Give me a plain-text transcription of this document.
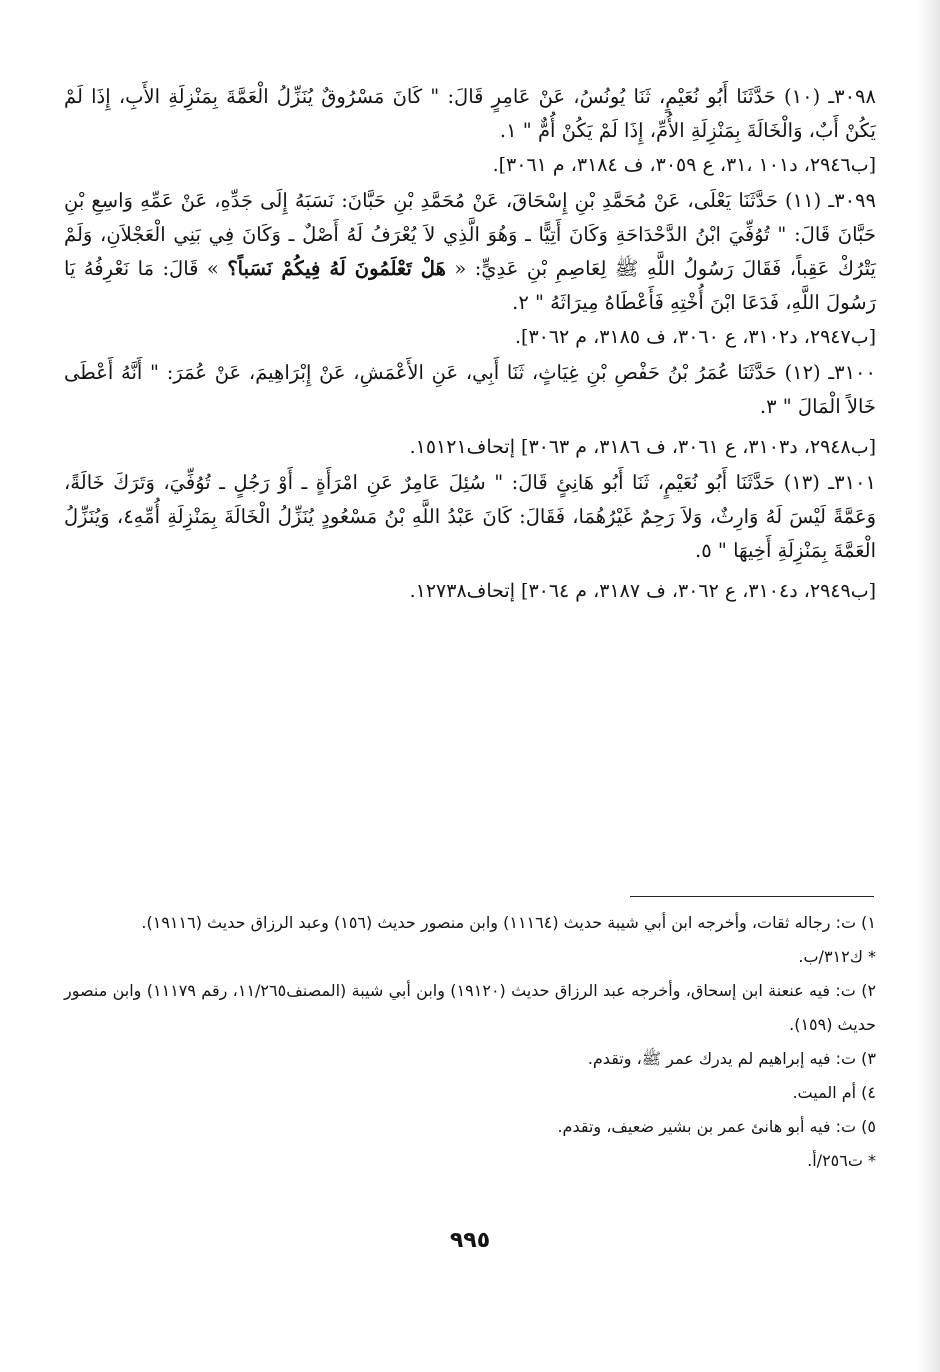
٣٠٩٨ـ (١٠) حَدَّثَنَا أَبُو نُعَيْمٍ، ثَنَا يُونُسُ، عَنْ عَامِرٍ قَالَ: " كَانَ مَسْرُوقٌ يُنَزِّلُ الْعَمَّةَ بِمَنْزِلَةِ الأَبِ، إِذَا لَمْ يَكُنْ أَبٌ، وَالْخَالَةَ بِمَنْزِلَةِ الأُمِّ، إِذَا لَمْ يَكُنْ أُمٌّ " ١.

[ب٢٩٤٦، د١٠١ ،٣١، ع ٣٠٥٩، ف ٣١٨٤، م ٣٠٦١].

٣٠٩٩ـ (١١) حَدَّثَنَا يَعْلَى، عَنْ مُحَمَّدِ بْنِ إِسْحَاقَ، عَنْ مُحَمَّدِ بْنِ حَبَّانَ: نَسَبَهُ إِلَى جَدِّهِ، عَنْ عَمِّهِ وَاسِعِ بْنِ حَبَّانَ قَالَ: " تُوُفِّيَ ابْنُ الدَّحْدَاحَةِ وَكَانَ أَتِيًّا ـ وَهُوَ الَّذِي لاَ يُعْرَفُ لَهُ أَصْلٌ ـ وَكَانَ فِي بَنِي الْعَجْلاَنِ، وَلَمْ يَتْرُكْ عَقِباً، فَقَالَ رَسُولُ اللَّهِ ﷺ لِعَاصِمِ بْنِ عَدِيٍّ: « هَلْ تَعْلَمُونَ لَهُ فِيكُمْ نَسَباً؟ » قَالَ: مَا نَعْرِفُهُ يَا رَسُولَ اللَّهِ، فَدَعَا ابْنَ أُخْتِهِ فَأَعْطَاهُ مِيرَاثَهُ " ٢.

[ب٢٩٤٧، د٣١٠٢، ع ٣٠٦٠، ف ٣١٨٥، م ٣٠٦٢].

٣١٠٠ـ (١٢) حَدَّثَنَا عُمَرُ بْنُ حَفْصِ بْنِ غِيَاثٍ، ثَنَا أَبِي، عَنِ الأَعْمَشِ، عَنْ إِبْرَاهِيمَ، عَنْ عُمَرَ: " أَنَّهُ أَعْطَى خَالاً الْمَالَ " ٣.

[ب٢٩٤٨، د٣١٠٣، ع ٣٠٦١، ف ٣١٨٦، م ٣٠٦٣] إتحاف١٥١٢١.

٣١٠١ـ (١٣) حَدَّثَنَا أَبُو نُعَيْمٍ، ثَنَا أَبُو هَانِئٍ قَالَ: " سُئِلَ عَامِرٌ عَنِ امْرَأَةٍ ـ أَوْ رَجُلٍ ـ تُوُفِّيَ، وَتَرَكَ خَالَةً، وَعَمَّةً لَيْسَ لَهُ وَارِثٌ، وَلاَ رَحِمٌ غَيْرُهُمَا، فَقَالَ: كَانَ عَبْدُ اللَّهِ بْنُ مَسْعُودٍ يُنَزِّلُ الْخَالَةَ بِمَنْزِلَةِ أُمِّهِ٤، وَيُنَزِّلُ الْعَمَّةَ بِمَنْزِلَةِ أَخِيهَا " ٥.

[ب٢٩٤٩، د٣١٠٤، ع ٣٠٦٢، ف ٣١٨٧، م ٣٠٦٤] إتحاف١٢٧٣٨.

١) ت: رجاله ثقات، وأخرجه ابن أبي شيبة حديث (١١١٦٤) وابن منصور حديث (١٥٦) وعبد الرزاق حديث (١٩١١٦).

* ك٣١٢/ب.

٢) ت: فيه عنعنة ابن إسحاق، وأخرجه عبد الرزاق حديث (١٩١٢٠) وابن أبي شيبة (المصنف١١/٢٦٥، رقم ١١١٧٩) وابن منصور حديث (١٥٩).

٣) ت: فيه إبراهيم لم يدرك عمر ﷺ، وتقدم.

٤) أم الميت.

٥) ت: فيه أبو هانئ عمر بن بشير ضعيف، وتقدم.

* ت٢٥٦/أ.

٩٩٥
